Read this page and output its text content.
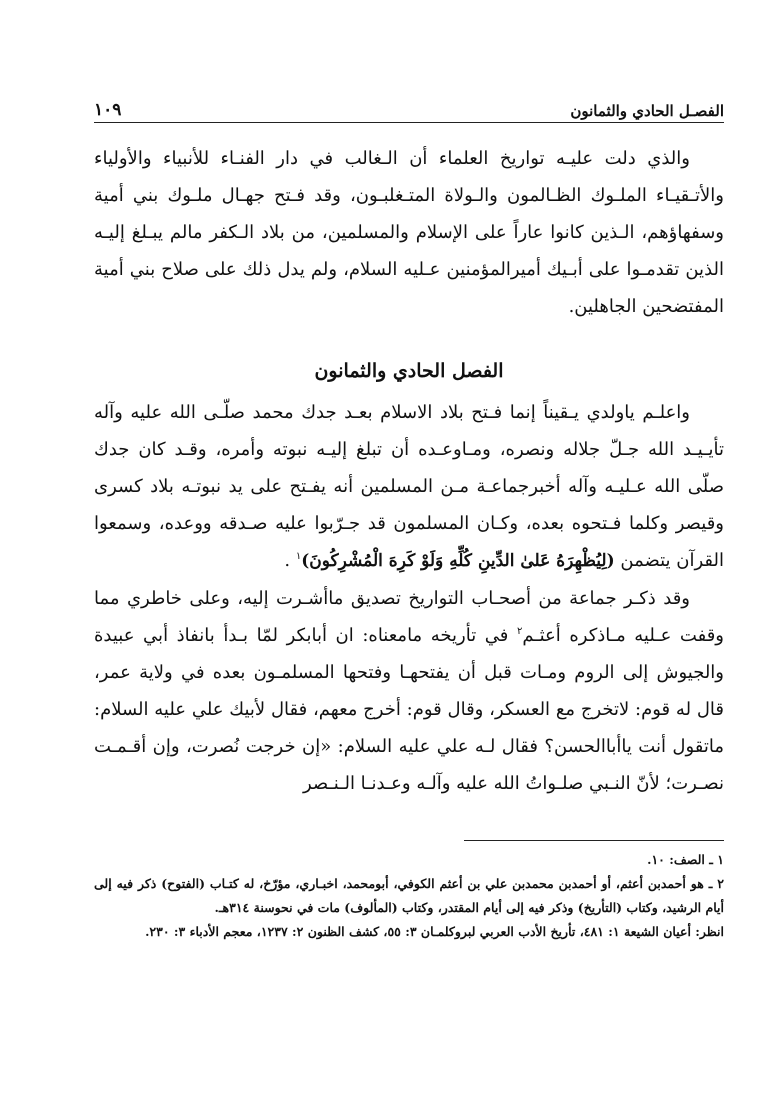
الفصـل الحادي والثمانون
١٠٩

والذي دلت عليـه تواريخ العلماء أن الـغالب في دار الفنـاء للأنبياء والأولياء والأتـقيـاء الملـوك الظـالمون والـولاة المتـغلبـون، وقد فـتح جهـال ملـوك بني أمية وسفهاؤهم، الـذين كانوا عاراً على الإسلام والمسلمين، من بلاد الـكفر مالم يبـلغ إليـه الذين تقدمـوا على أبـيك أميرالمؤمنين عـليه السلام، ولم يدل ذلك على صلاح بني أمية المفتضحين الجاهلين.

الفصل الحادي والثمانون

واعلـم ياولدي يـقيناً إنما فـتح بلاد الاسلام بعـد جدك محمد صلّـى الله عليه وآله تأيـيـد الله جـلّ جلاله ونصره، ومـاوعـده أن تبلغ إليـه نبوته وأمره، وقـد كان جدك صلّى الله عـليـه وآله أخبرجماعـة مـن المسلمين أنه يفـتح على يد نبوتـه بلاد كسرى وقيصر وكلما فـتحوه بعده، وكـان المسلمون قد جـرّبوا عليه صـدقه ووعده، وسمعوا القرآن يتضمن (لِيُظْهِرَهُ عَلىٰ الدِّينِ كُلِّهِ وَلَوْ كَرِهَ الْمُشْرِكُونَ)$^١$ .

وقد ذكـر جماعة من أصحـاب التواريخ تصديق ماأشـرت إليه، وعلى خاطري مما وقفت عـليه مـاذكره أعثـم$^٢$ في تأريخه مامعناه: ان أبابكر لمّا بـدأ بانفاذ أبي عبيدة والجيوش إلى الروم ومـات قبل أن يفتحهـا وفتحها المسلمـون بعده في ولاية عمر، قال له قوم: لاتخرج مع العسكر، وقال قوم: أخرج معهم، فقال لأبيك علي عليه السلام: ماتقول أنت ياأباالحسن؟ فقال لـه علي عليه السلام: «إن خرجت نُصرت، وإن أقـمـت نصـرت؛ لأنّ النـبي صلـواتُ الله عليه وآلـه وعـدنـا الـنـصر

١ ـ الصف: ١٠.

٢ ـ هو أحمدبن أعثم، أو أحمدبن محمدبن علي بن أعثم الكوفي، أبومحمد، اخبـاري، مؤرّخ، له كتـاب (الفتوح) ذكر فيه إلى أيام الرشيد، وكتاب (التأريخ) وذكر فيه إلى أيام المقتدر، وكتاب (المألوف) مات في نحوسنة ٣١٤هـ.

انظر: أعيان الشيعة ١: ٤٨١، تأريخ الأدب العربي لبروكلمـان ٣: ٥٥، كشف الظنون ٢: ١٢٣٧، معجم الأدباء ٣: ٢٣٠.
